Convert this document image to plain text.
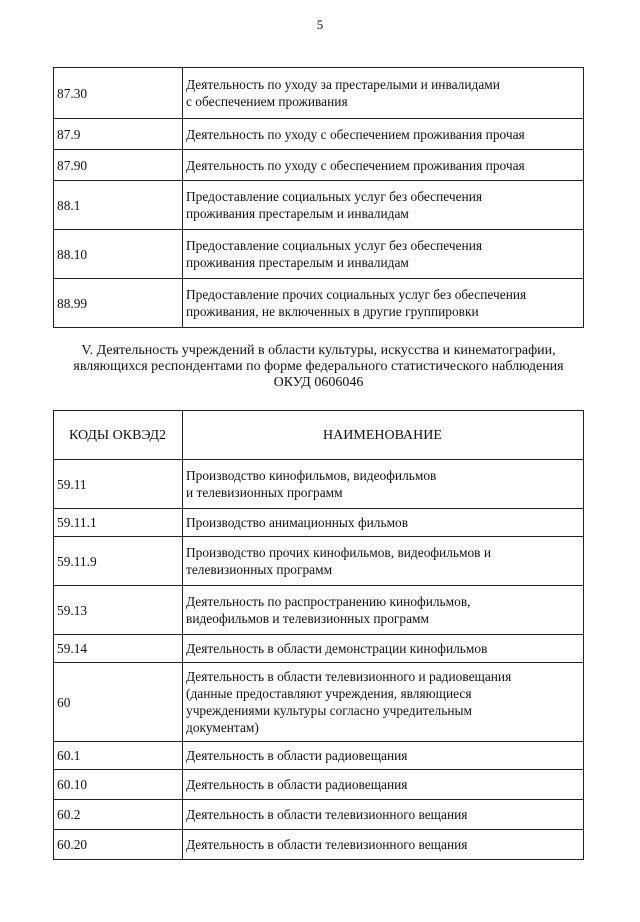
5
87.30	Деятельность по уходу за престарелыми и инвалидами
с обеспечением проживания

87.9	Деятельность по уходу с обеспечением проживания прочая

87.90	Деятельность по уходу с обеспечением проживания прочая

88.1	Предоставление социальных услуг без обеспечения
проживания престарелым и инвалидам

88.10	Предоставление социальных услуг без обеспечения
проживания престарелым и инвалидам

88.99	Предоставление прочих социальных услуг без обеспечения
проживания, не включенных в другие группировки
V. Деятельность учреждений в области культуры, искусства и кинематографии,
являющихся респондентами по форме федерального статистического наблюдения
ОКУД 0606046
КОДЫ ОКВЭД2	НАИМЕНОВАНИЕ
59.11	Производство кинофильмов, видеофильмов
и телевизионных программ

59.11.1	Производство анимационных фильмов

59.11.9	Производство прочих кинофильмов, видеофильмов и
телевизионных программ

59.13	Деятельность по распространению кинофильмов,
видеофильмов и телевизионных программ

59.14	Деятельность в области демонстрации кинофильмов

60	Деятельность в области телевизионного и радиовещания
(данные предоставляют учреждения, являющиеся
учреждениями культуры согласно учредительным
документам)

60.1	Деятельность в области радиовещания

60.10	Деятельность в области радиовещания

60.2	Деятельность в области телевизионного вещания

60.20	Деятельность в области телевизионного вещания
